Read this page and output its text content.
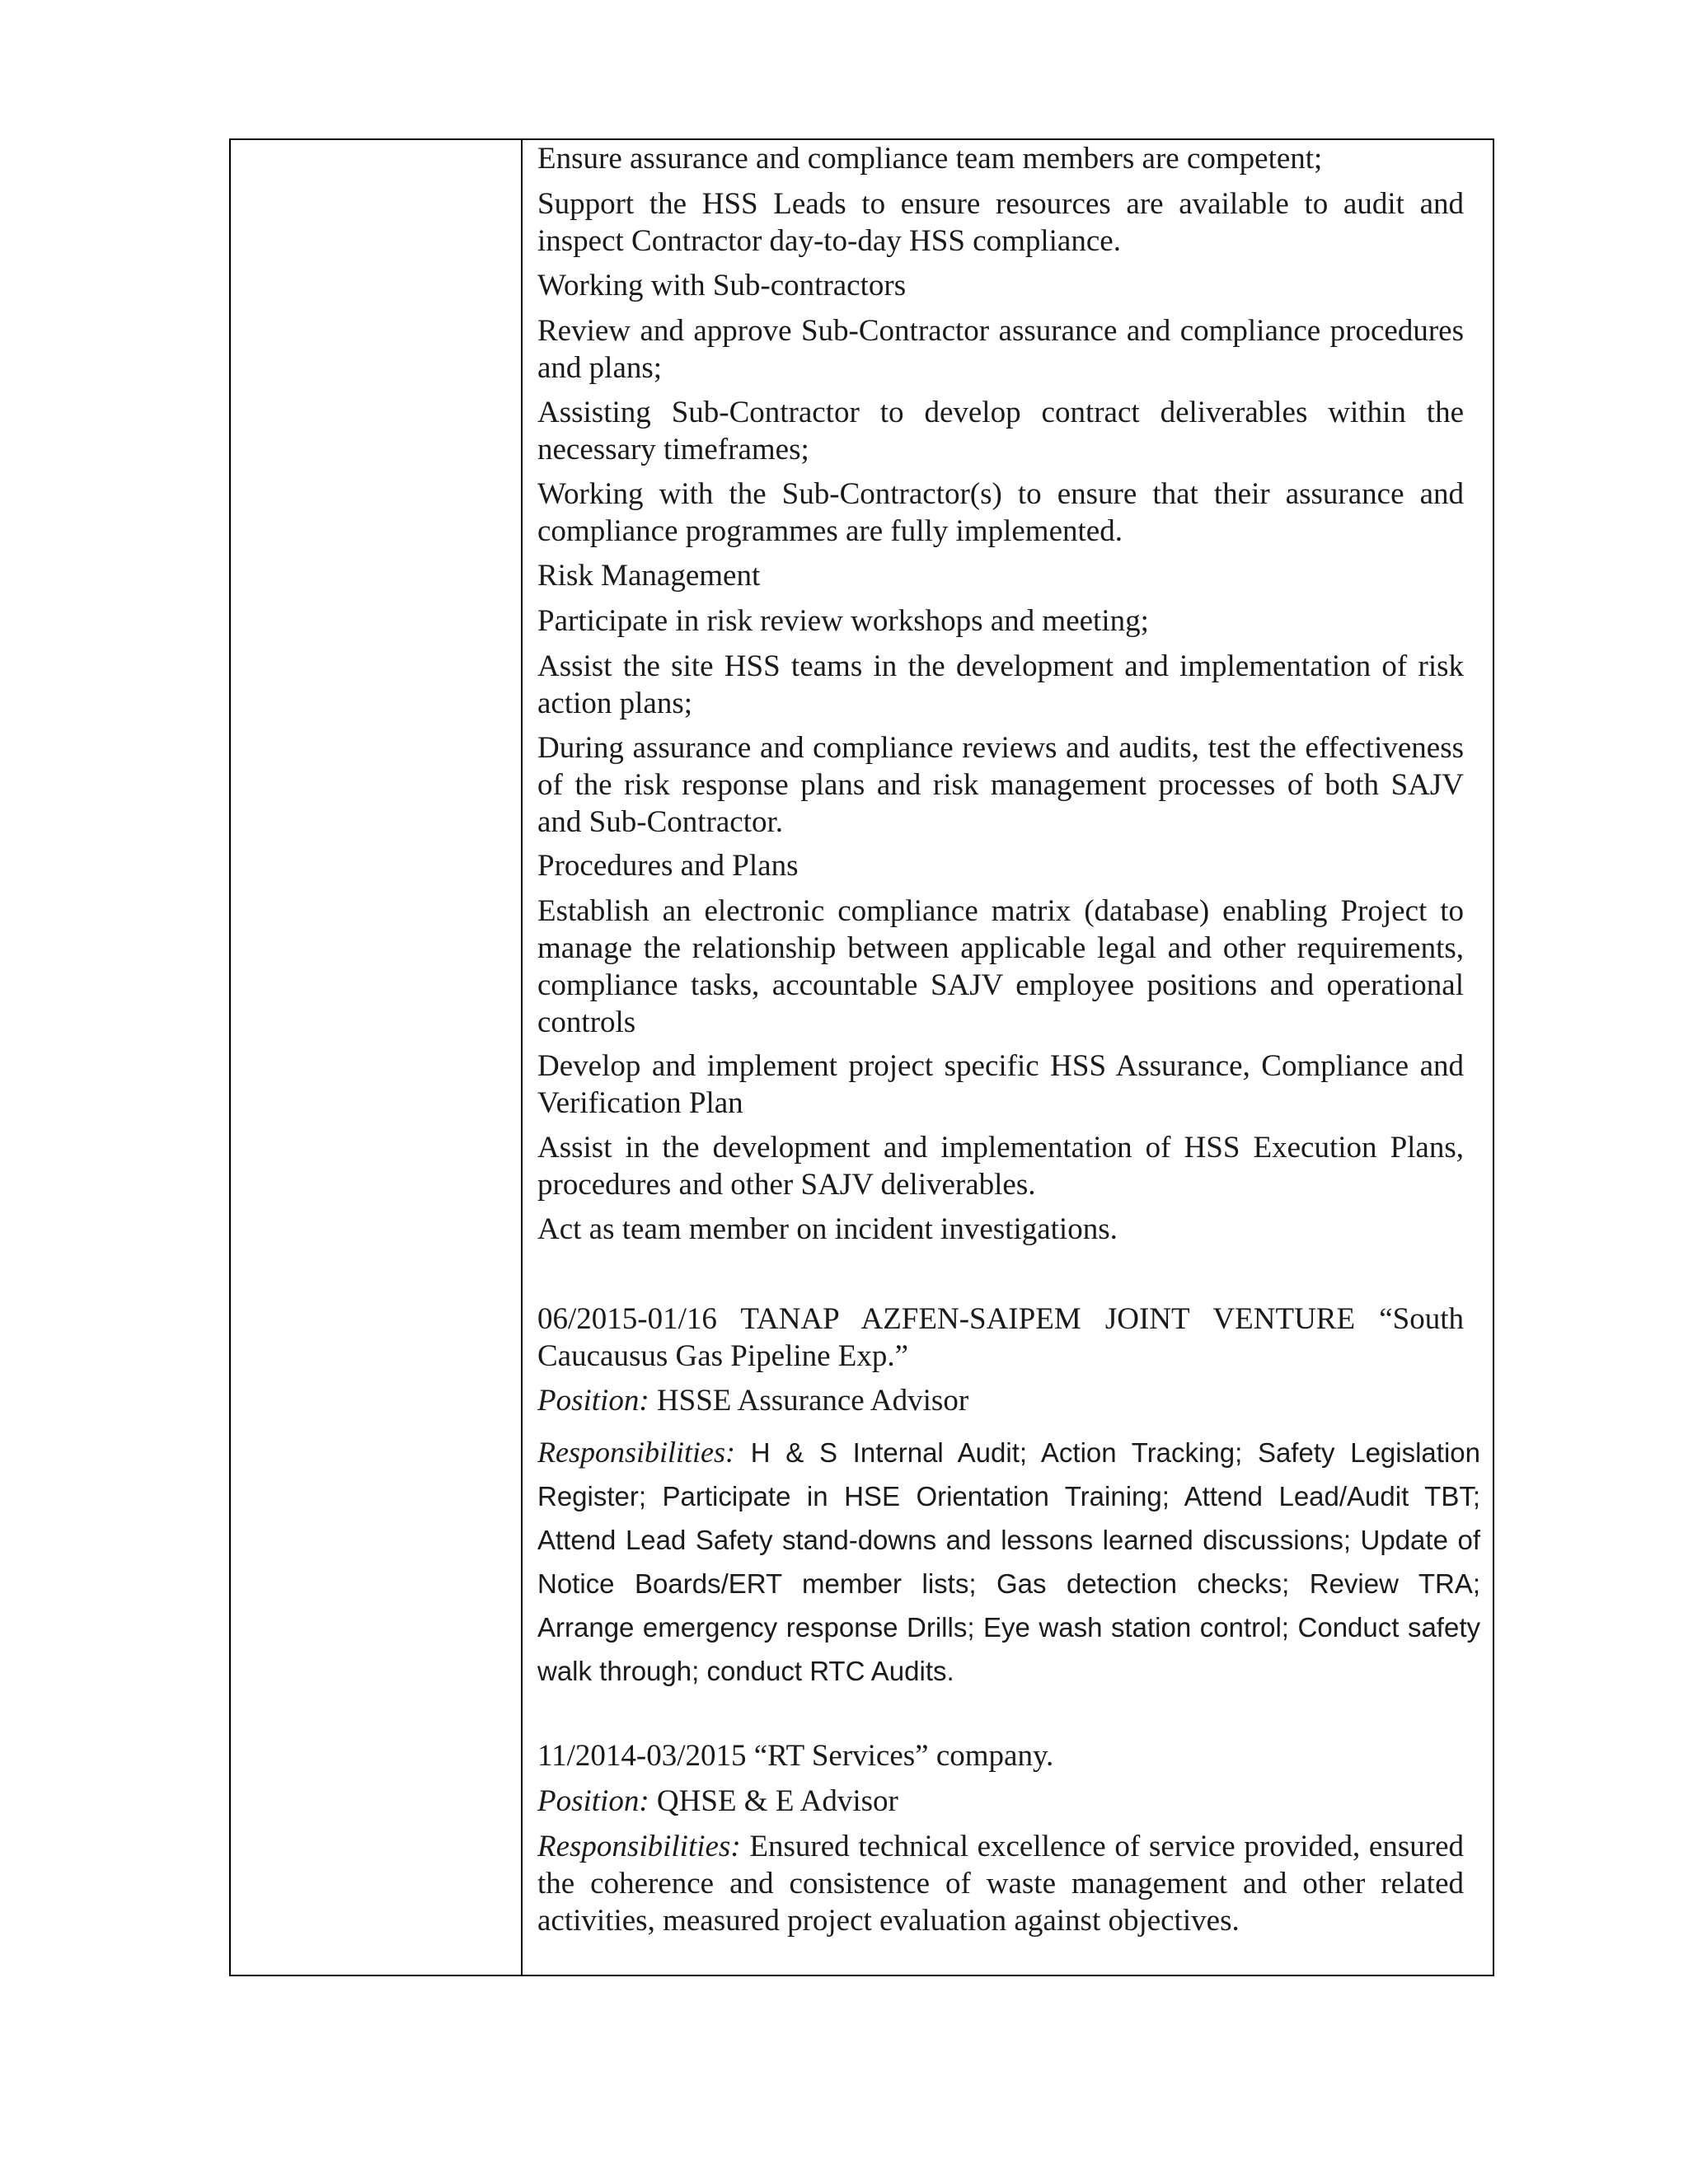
Ensure assurance and compliance team members are competent;

Support the HSS Leads to ensure resources are available to audit and inspect Contractor day-to-day HSS compliance.

Working with Sub-contractors

Review and approve Sub-Contractor assurance and compliance procedures and plans;

Assisting Sub-Contractor to develop contract deliverables within the necessary timeframes;

Working with the Sub-Contractor(s) to ensure that their assurance and compliance programmes are fully implemented.

Risk Management

Participate in risk review workshops and meeting;

Assist the site HSS teams in the development and implementation of risk action plans;

During assurance and compliance reviews and audits, test the effectiveness of the risk response plans and risk management processes of both SAJV and Sub-Contractor.

Procedures and Plans

Establish an electronic compliance matrix (database) enabling Project to manage the relationship between applicable legal and other requirements, compliance tasks, accountable SAJV employee positions and operational controls

Develop and implement project specific HSS Assurance, Compliance and Verification Plan

Assist in the development and implementation of HSS Execution Plans, procedures and other SAJV deliverables.

Act as team member on incident investigations.

06/2015-01/16 TANAP AZFEN-SAIPEM JOINT VENTURE “South Caucausus Gas Pipeline Exp.”

Position: HSSE Assurance Advisor

Responsibilities: H & S Internal Audit; Action Tracking; Safety Legislation Register; Participate in HSE Orientation Training; Attend Lead/Audit TBT; Attend Lead Safety stand-downs and lessons learned discussions; Update of Notice Boards/ERT member lists; Gas detection checks; Review TRA; Arrange emergency response Drills; Eye wash station control; Conduct safety walk through; conduct RTC Audits.

11/2014-03/2015 “RT Services” company.

Position: QHSE & E Advisor

Responsibilities: Ensured technical excellence of service provided, ensured the coherence and consistence of waste management and other related activities, measured project evaluation against objectives.
